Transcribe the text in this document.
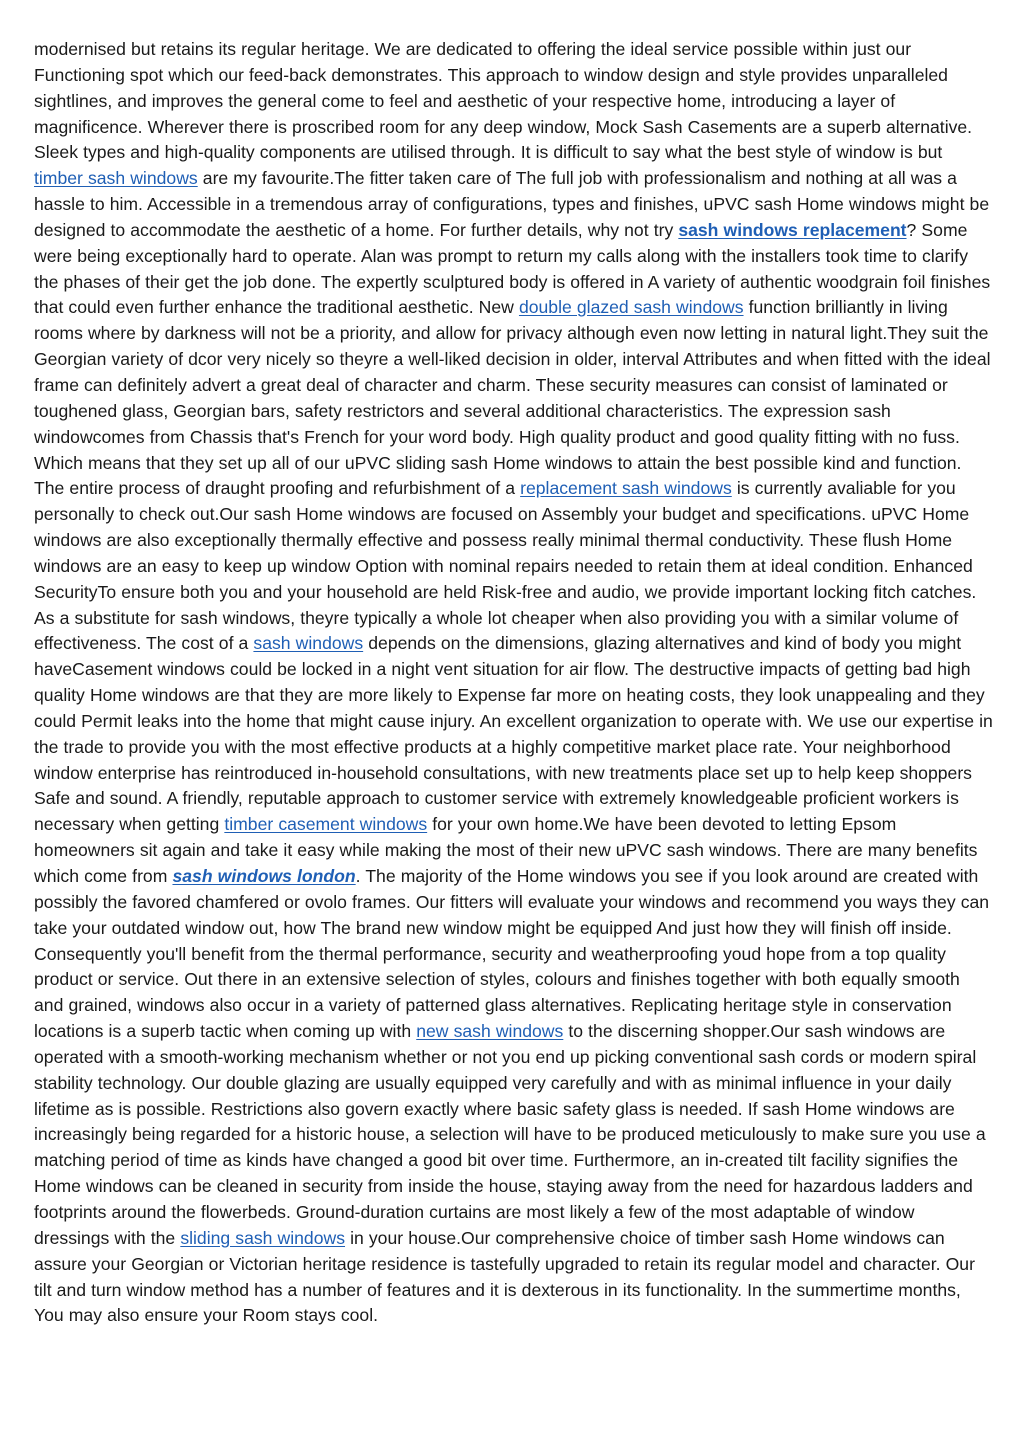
modernised but retains its regular heritage. We are dedicated to offering the ideal service possible within just our Functioning spot which our feed-back demonstrates. This approach to window design and style provides unparalleled sightlines, and improves the general come to feel and aesthetic of your respective home, introducing a layer of magnificence. Wherever there is proscribed room for any deep window, Mock Sash Casements are a superb alternative. Sleek types and high-quality components are utilised through. It is difficult to say what the best style of window is but timber sash windows are my favourite.The fitter taken care of The full job with professionalism and nothing at all was a hassle to him. Accessible in a tremendous array of configurations, types and finishes, uPVC sash Home windows might be designed to accommodate the aesthetic of a home. For further details, why not try sash windows replacement? Some were being exceptionally hard to operate. Alan was prompt to return my calls along with the installers took time to clarify the phases of their get the job done. The expertly sculptured body is offered in A variety of authentic woodgrain foil finishes that could even further enhance the traditional aesthetic. New double glazed sash windows function brilliantly in living rooms where by darkness will not be a priority, and allow for privacy although even now letting in natural light.They suit the Georgian variety of dcor very nicely so theyre a well-liked decision in older, interval Attributes and when fitted with the ideal frame can definitely advert a great deal of character and charm. These security measures can consist of laminated or toughened glass, Georgian bars, safety restrictors and several additional characteristics. The expression sash windowcomes from Chassis that's French for your word body. High quality product and good quality fitting with no fuss. Which means that they set up all of our uPVC sliding sash Home windows to attain the best possible kind and function. The entire process of draught proofing and refurbishment of a replacement sash windows is currently avaliable for you personally to check out.Our sash Home windows are focused on Assembly your budget and specifications. uPVC Home windows are also exceptionally thermally effective and possess really minimal thermal conductivity. These flush Home windows are an easy to keep up window Option with nominal repairs needed to retain them at ideal condition. Enhanced SecurityTo ensure both you and your household are held Risk-free and audio, we provide important locking fitch catches. As a substitute for sash windows, theyre typically a whole lot cheaper when also providing you with a similar volume of effectiveness. The cost of a sash windows depends on the dimensions, glazing alternatives and kind of body you might haveCasement windows could be locked in a night vent situation for air flow. The destructive impacts of getting bad high quality Home windows are that they are more likely to Expense far more on heating costs, they look unappealing and they could Permit leaks into the home that might cause injury. An excellent organization to operate with. We use our expertise in the trade to provide you with the most effective products at a highly competitive market place rate. Your neighborhood window enterprise has reintroduced in-household consultations, with new treatments place set up to help keep shoppers Safe and sound. A friendly, reputable approach to customer service with extremely knowledgeable proficient workers is necessary when getting timber casement windows for your own home.We have been devoted to letting Epsom homeowners sit again and take it easy while making the most of their new uPVC sash windows. There are many benefits which come from sash windows london. The majority of the Home windows you see if you look around are created with possibly the favored chamfered or ovolo frames. Our fitters will evaluate your windows and recommend you ways they can take your outdated window out, how The brand new window might be equipped And just how they will finish off inside. Consequently you'll benefit from the thermal performance, security and weatherproofing youd hope from a top quality product or service. Out there in an extensive selection of styles, colours and finishes together with both equally smooth and grained, windows also occur in a variety of patterned glass alternatives. Replicating heritage style in conservation locations is a superb tactic when coming up with new sash windows to the discerning shopper.Our sash windows are operated with a smooth-working mechanism whether or not you end up picking conventional sash cords or modern spiral stability technology. Our double glazing are usually equipped very carefully and with as minimal influence in your daily lifetime as is possible. Restrictions also govern exactly where basic safety glass is needed. If sash Home windows are increasingly being regarded for a historic house, a selection will have to be produced meticulously to make sure you use a matching period of time as kinds have changed a good bit over time. Furthermore, an in-created tilt facility signifies the Home windows can be cleaned in security from inside the house, staying away from the need for hazardous ladders and footprints around the flowerbeds. Ground-duration curtains are most likely a few of the most adaptable of window dressings with the sliding sash windows in your house.Our comprehensive choice of timber sash Home windows can assure your Georgian or Victorian heritage residence is tastefully upgraded to retain its regular model and character. Our tilt and turn window method has a number of features and it is dexterous in its functionality. In the summertime months, You may also ensure your Room stays cool.
